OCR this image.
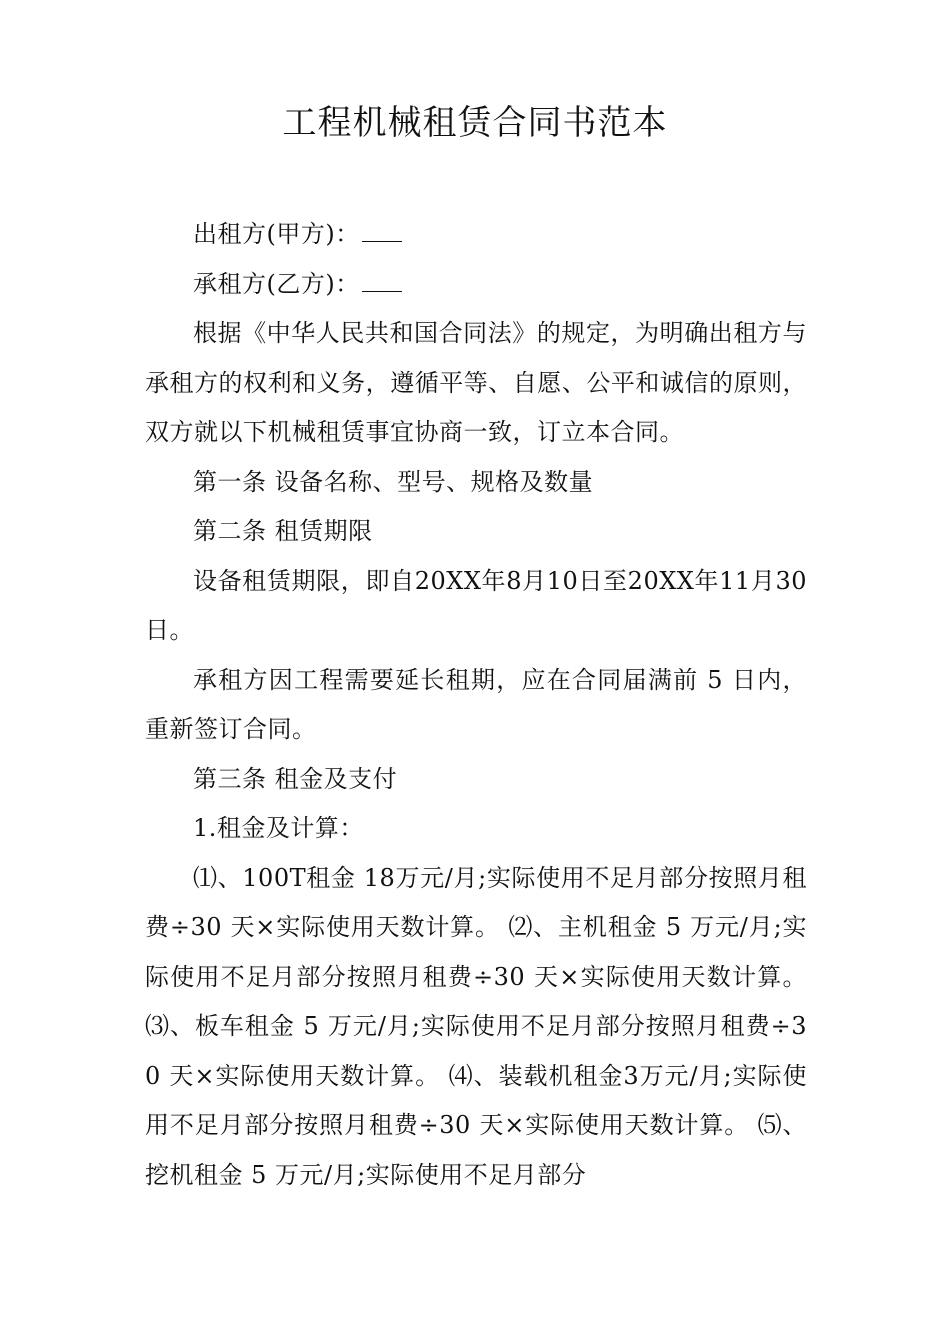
工程机械租赁合同书范本

出租方(甲方)：

承租方(乙方)：

根据《中华人民共和国合同法》的规定，为明确出租方与承租方的权利和义务，遵循平等、自愿、公平和诚信的原则，双方就以下机械租赁事宜协商一致，订立本合同。

第一条 设备名称、型号、规格及数量

第二条 租赁期限

设备租赁期限，即自20XX年8月10日至20XX年11月30日。

承租方因工程需要延长租期，应在合同届满前 5 日内，重新签订合同。

第三条 租金及支付

1.租金及计算：

⑴、100T租金 18万元/月;实际使用不足月部分按照月租费÷30 天×实际使用天数计算。 ⑵、主机租金 5 万元/月;实际使用不足月部分按照月租费÷30 天×实际使用天数计算。 ⑶、板车租金 5 万元/月;实际使用不足月部分按照月租费÷30 天×实际使用天数计算。 ⑷、装载机租金3万元/月;实际使用不足月部分按照月租费÷30 天×实际使用天数计算。 ⑸、挖机租金 5 万元/月;实际使用不足月部分
